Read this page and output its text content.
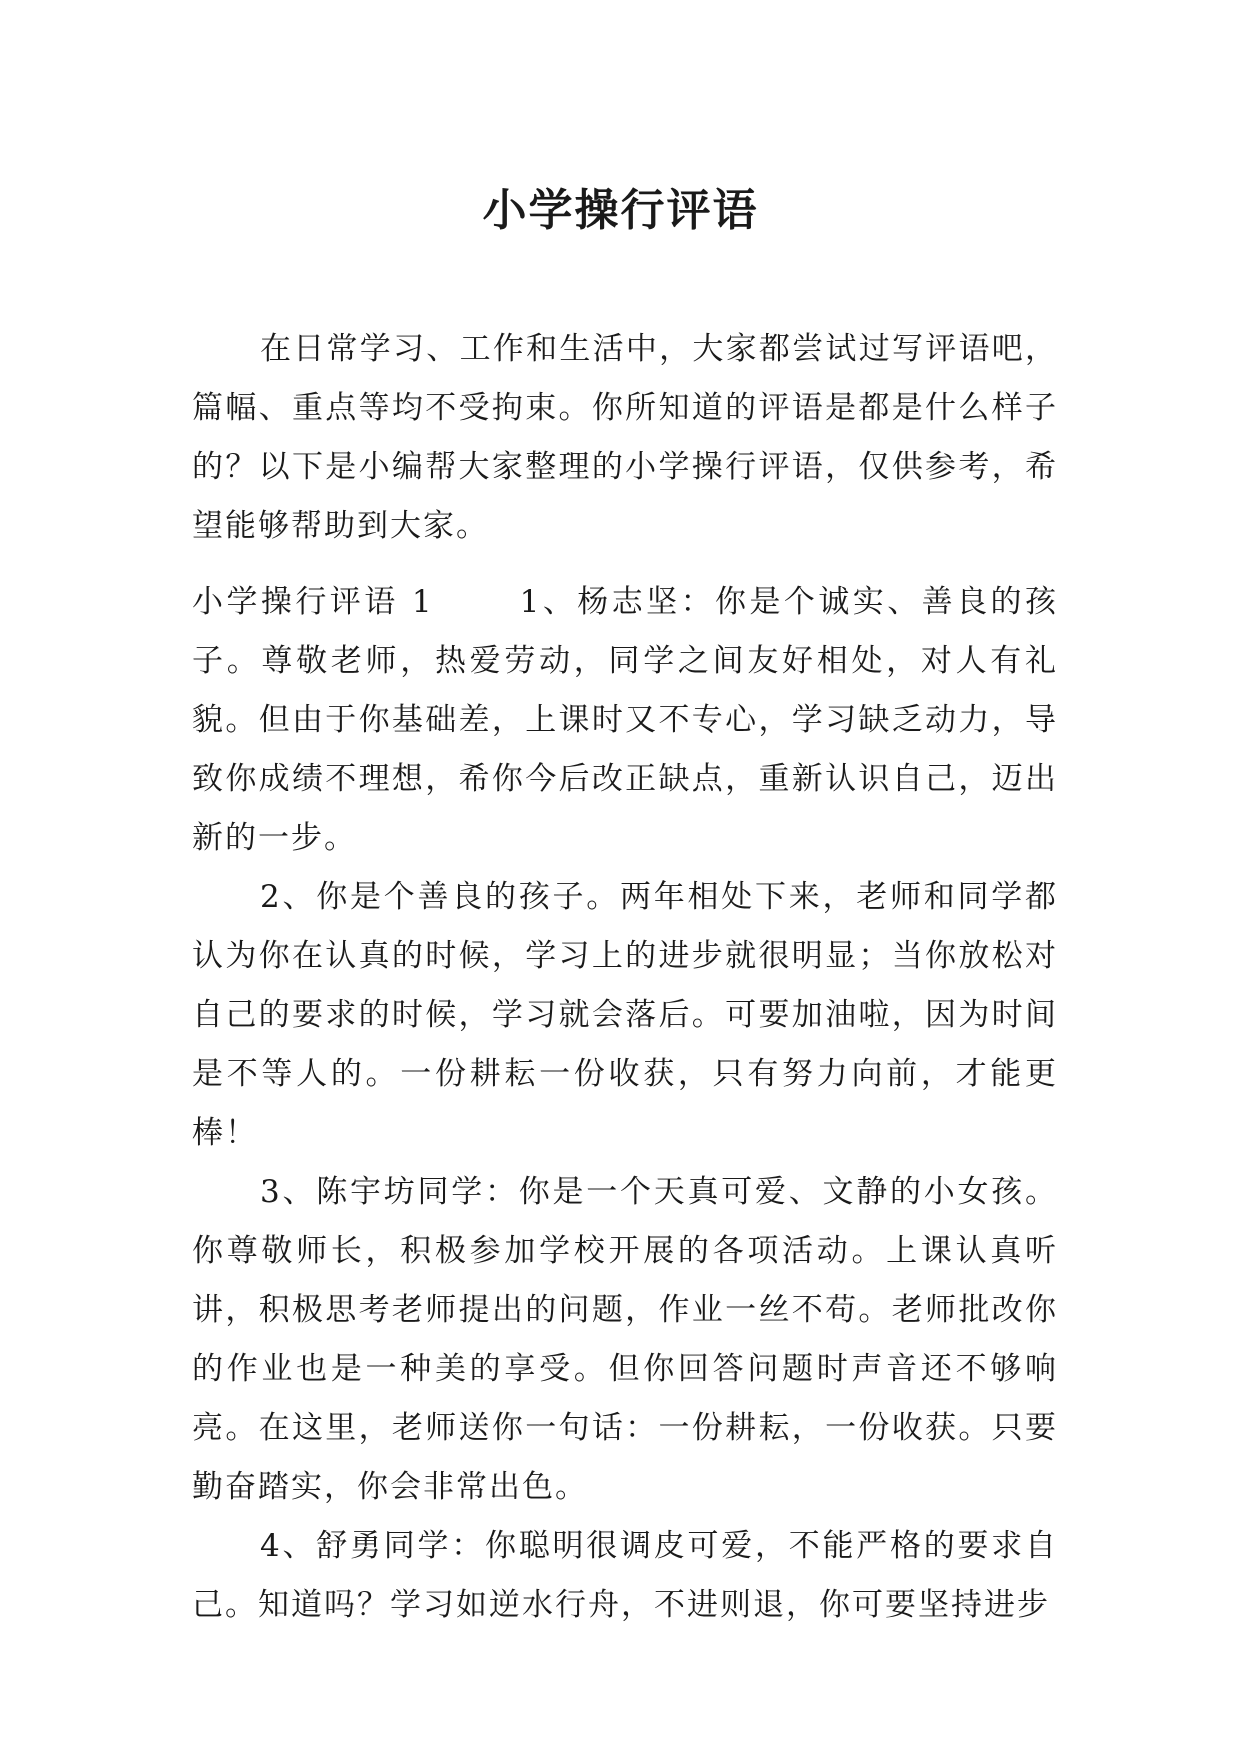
小学操行评语

在日常学习、工作和生活中，大家都尝试过写评语吧，篇幅、重点等均不受拘束。你所知道的评语是都是什么样子的？以下是小编帮大家整理的小学操行评语，仅供参考，希望能够帮助到大家。

小学操行评语 1	1、杨志坚：你是个诚实、善良的孩子。尊敬老师，热爱劳动，同学之间友好相处，对人有礼貌。但由于你基础差，上课时又不专心，学习缺乏动力，导致你成绩不理想，希你今后改正缺点，重新认识自己，迈出新的一步。

2、你是个善良的孩子。两年相处下来，老师和同学都认为你在认真的时候，学习上的进步就很明显；当你放松对自己的要求的时候，学习就会落后。可要加油啦，因为时间是不等人的。一份耕耘一份收获，只有努力向前，才能更棒！

3、陈宇坊同学：你是一个天真可爱、文静的小女孩。你尊敬师长，积极参加学校开展的各项活动。上课认真听讲，积极思考老师提出的问题，作业一丝不苟。老师批改你的作业也是一种美的享受。但你回答问题时声音还不够响亮。在这里，老师送你一句话：一份耕耘，一份收获。只要勤奋踏实，你会非常出色。

4、舒勇同学：你聪明很调皮可爱，不能严格的要求自己。知道吗？学习如逆水行舟，不进则退，你可要坚持进步
